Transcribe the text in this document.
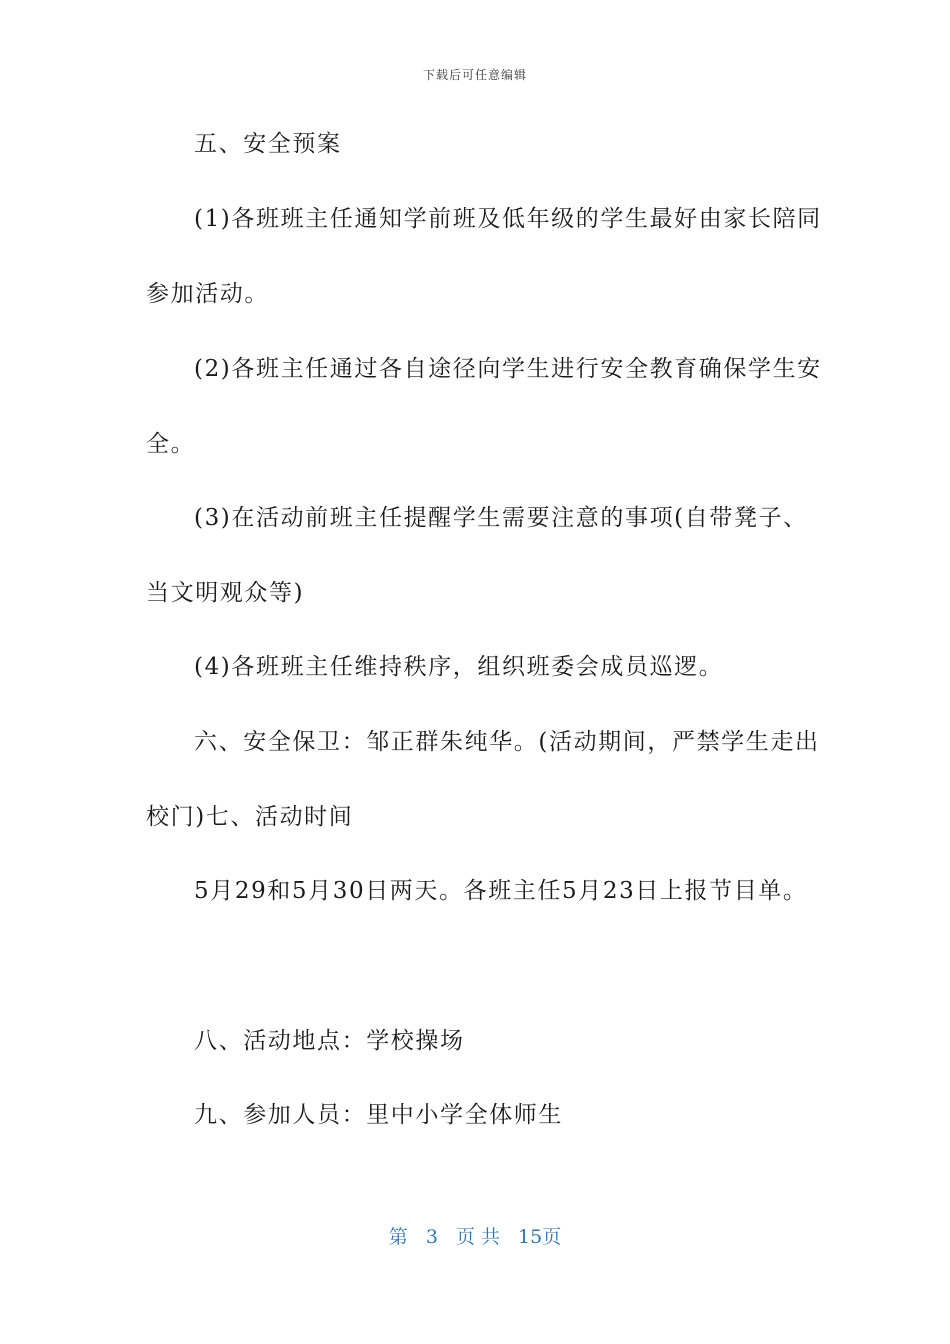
下载后可任意编辑
五、安全预案
(1)各班班主任通知学前班及低年级的学生最好由家长陪同
参加活动。
(2)各班主任通过各自途径向学生进行安全教育确保学生安
全。
(3)在活动前班主任提醒学生需要注意的事项(自带凳子、
当文明观众等)
(4)各班班主任维持秩序，组织班委会成员巡逻。
六、安全保卫：邹正群朱纯华。(活动期间，严禁学生走出
校门)七、活动时间
5月29和5月30日两天。各班主任5月23日上报节目单。
八、活动地点：学校操场
九、参加人员：里中小学全体师生
第 3 页 共 15页
